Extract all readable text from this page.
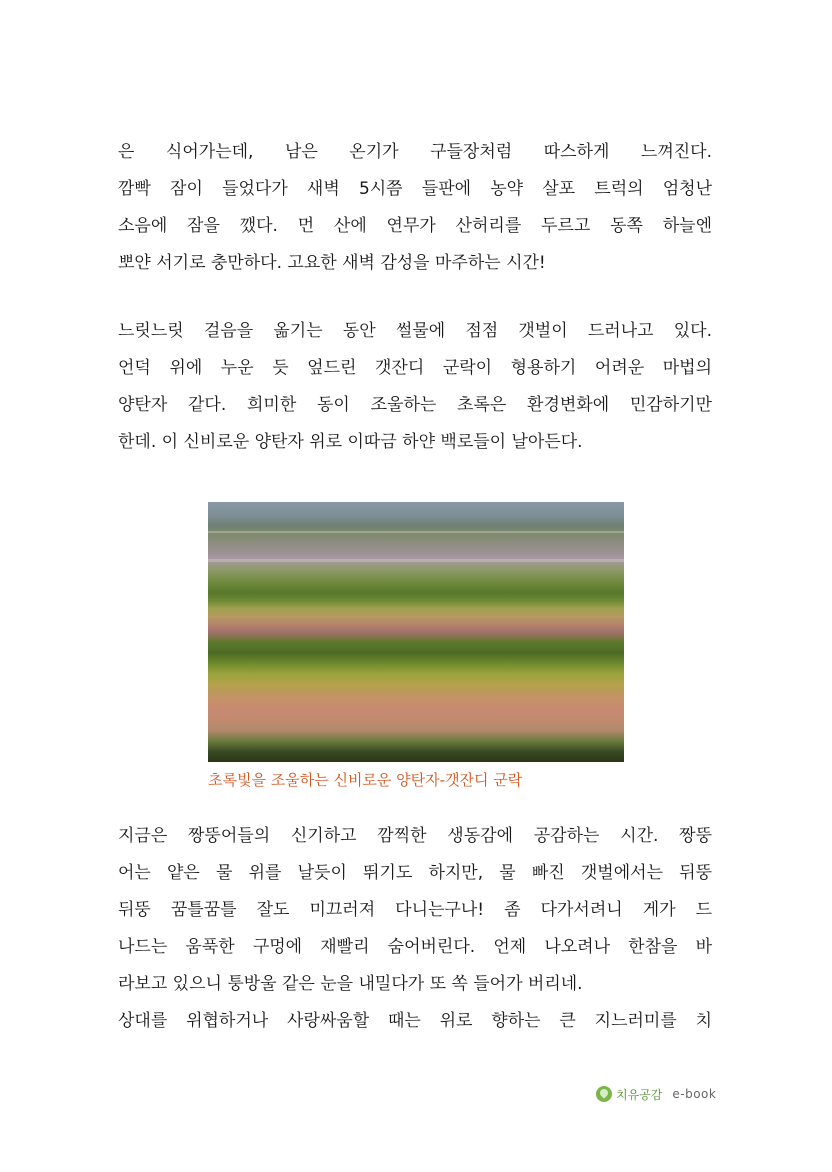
은 식어가는데, 남은 온기가 구들장처럼 따스하게 느껴진다.
깜빡 잠이 들었다가 새벽 5시쯤 들판에 농약 살포 트럭의 엄청난
소음에 잠을 깼다. 먼 산에 연무가 산허리를 두르고 동쪽 하늘엔
뽀얀 서기로 충만하다. 고요한 새벽 감성을 마주하는 시간!
느릿느릿 걸음을 옮기는 동안 썰물에 점점 갯벌이 드러나고 있다.
언덕 위에 누운 듯 엎드린 갯잔디 군락이 형용하기 어려운 마법의
양탄자 같다. 희미한 동이 조울하는 초록은 환경변화에 민감하기만
한데. 이 신비로운 양탄자 위로 이따금 하얀 백로들이 날아든다.
초록빛을 조울하는 신비로운 양탄자-갯잔디 군락
지금은 짱뚱어들의 신기하고 깜찍한 생동감에 공감하는 시간. 짱뚱
어는 얕은 물 위를 날듯이 뛰기도 하지만, 물 빠진 갯벌에서는 뒤뚱
뒤뚱 꿈틀꿈틀 잘도 미끄러져 다니는구나! 좀 다가서려니 게가 드
나드는 움푹한 구멍에 재빨리 숨어버린다. 언제 나오려나 한참을 바
라보고 있으니 퉁방울 같은 눈을 내밀다가 또 쏙 들어가 버리네.
상대를 위협하거나 사랑싸움할 때는 위로 향하는 큰 지느러미를 치
치유공감 e-book
